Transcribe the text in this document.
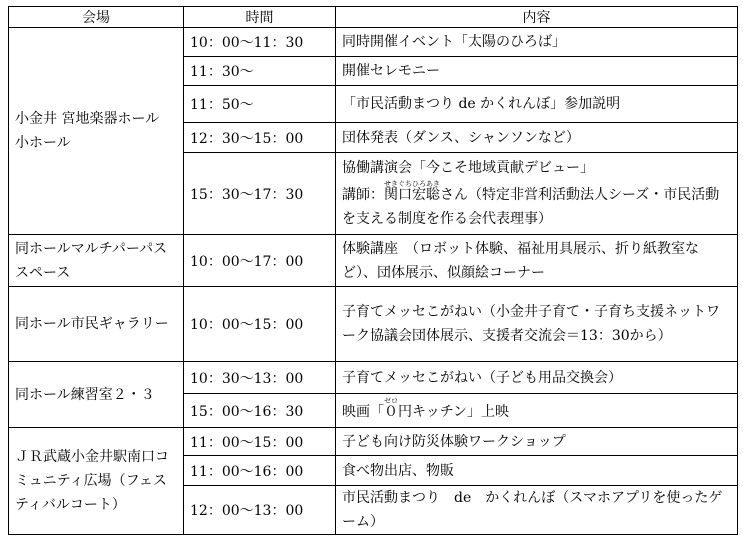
会場	時間	内容
小金井 宮地楽器ホール　小ホール	10：00〜11：30	同時開催イベント「太陽のひろば」
	11：30〜	開催セレモニー
	11：50〜	「市民活動まつり de かくれんぼ」参加説明
	12：30〜15：00	団体発表（ダンス、シャンソンなど）
	15：30〜17：30	協働講演会「今こそ地域貢献デビュー」
講師：関口宏聡せきぐちひろあきさん（特定非営利活動法人シーズ・市民活動を支える制度を作る会代表理事）
同ホールマルチパーパススペース	10：00〜17：00	体験講座　（ロボット体験、福祉用具展示、折り紙教室など）、団体展示、似顔絵コーナー
同ホール市民ギャラリー	10：00〜15：00	子育てメッセこがねい（小金井子育て・子育ち支援ネットワーク協議会団体展示、支援者交流会＝13：30から）
同ホール練習室２・３	10：30〜13：00	子育てメッセこがねい（子ども用品交換会）
	15：00〜16：30	映画「０ゼロ円キッチン」上映
ＪＲ武蔵小金井駅南口コミュニティ広場（フェスティバルコート）	11：00〜15：00	子ども向け防災体験ワークショップ
	11：00〜16：00	食べ物出店、物販
	12：00〜13：00	市民活動まつり　de　かくれんぼ（スマホアプリを使ったゲーム）
